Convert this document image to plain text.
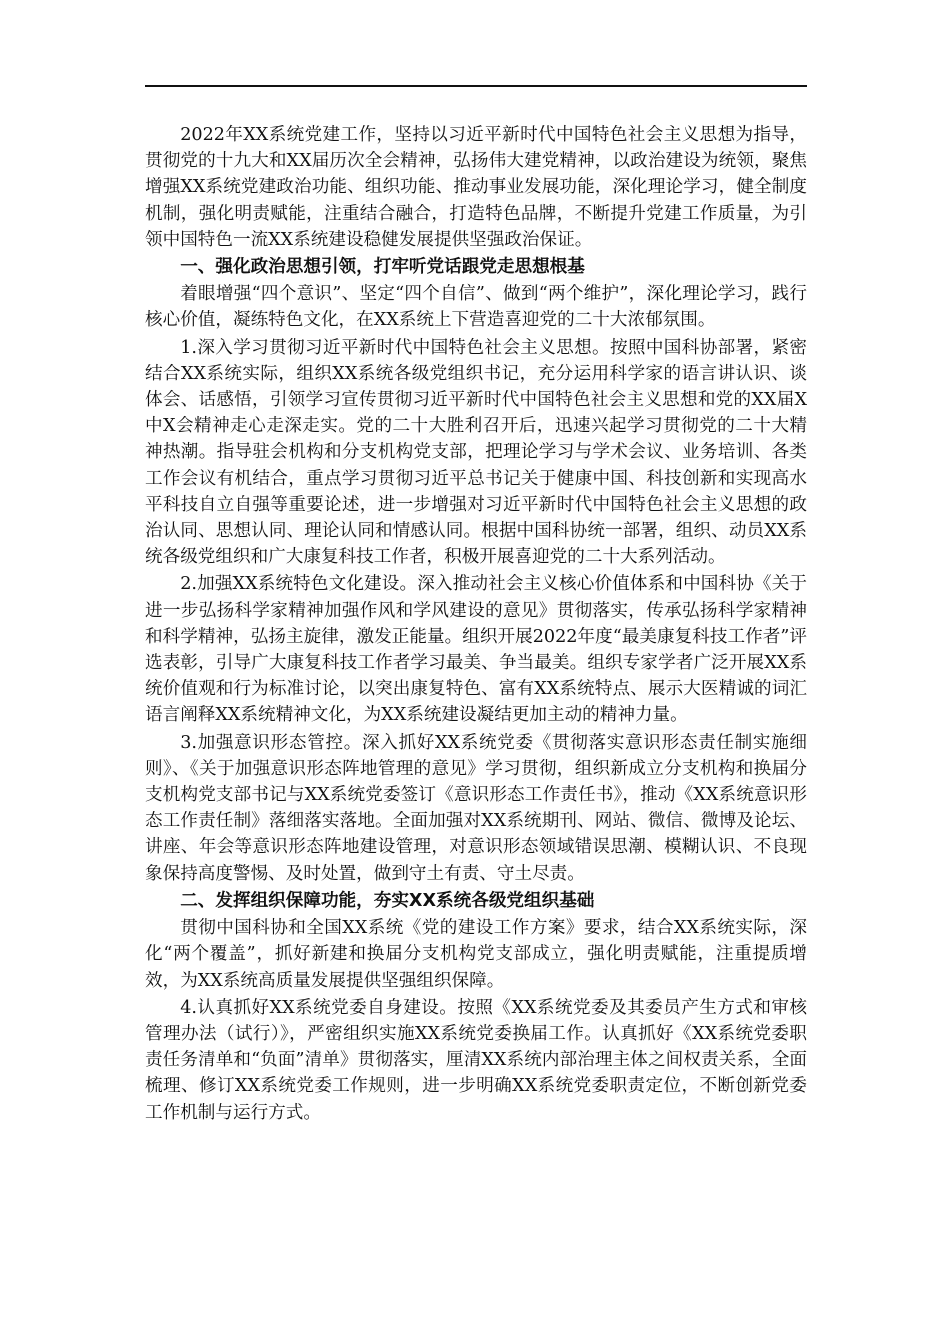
2022年XX系统党建工作，坚持以习近平新时代中国特色社会主义思想为指导，贯彻党的十九大和XX届历次全会精神，弘扬伟大建党精神，以政治建设为统领，聚焦增强XX系统党建政治功能、组织功能、推动事业发展功能，深化理论学习，健全制度机制，强化明责赋能，注重结合融合，打造特色品牌，不断提升党建工作质量，为引领中国特色一流XX系统建设稳健发展提供坚强政治保证。

一、强化政治思想引领，打牢听党话跟党走思想根基

着眼增强“四个意识”、坚定“四个自信”、做到“两个维护”，深化理论学习，践行核心价值，凝练特色文化，在XX系统上下营造喜迎党的二十大浓郁氛围。

1.深入学习贯彻习近平新时代中国特色社会主义思想。按照中国科协部署，紧密结合XX系统实际，组织XX系统各级党组织书记，充分运用科学家的语言讲认识、谈体会、话感悟，引领学习宣传贯彻习近平新时代中国特色社会主义思想和党的XX届X中X会精神走心走深走实。党的二十大胜利召开后，迅速兴起学习贯彻党的二十大精神热潮。指导驻会机构和分支机构党支部，把理论学习与学术会议、业务培训、各类工作会议有机结合，重点学习贯彻习近平总书记关于健康中国、科技创新和实现高水平科技自立自强等重要论述，进一步增强对习近平新时代中国特色社会主义思想的政治认同、思想认同、理论认同和情感认同。根据中国科协统一部署，组织、动员XX系统各级党组织和广大康复科技工作者，积极开展喜迎党的二十大系列活动。

2.加强XX系统特色文化建设。深入推动社会主义核心价值体系和中国科协《关于进一步弘扬科学家精神加强作风和学风建设的意见》贯彻落实，传承弘扬科学家精神和科学精神，弘扬主旋律，激发正能量。组织开展2022年度“最美康复科技工作者”评选表彰，引导广大康复科技工作者学习最美、争当最美。组织专家学者广泛开展XX系统价值观和行为标准讨论，以突出康复特色、富有XX系统特点、展示大医精诚的词汇语言阐释XX系统精神文化，为XX系统建设凝结更加主动的精神力量。

3.加强意识形态管控。深入抓好XX系统党委《贯彻落实意识形态责任制实施细则》、《关于加强意识形态阵地管理的意见》学习贯彻，组织新成立分支机构和换届分支机构党支部书记与XX系统党委签订《意识形态工作责任书》，推动《XX系统意识形态工作责任制》落细落实落地。全面加强对XX系统期刊、网站、微信、微博及论坛、讲座、年会等意识形态阵地建设管理，对意识形态领域错误思潮、模糊认识、不良现象保持高度警惕、及时处置，做到守土有责、守土尽责。

二、发挥组织保障功能，夯实XX系统各级党组织基础

贯彻中国科协和全国XX系统《党的建设工作方案》要求，结合XX系统实际，深化“两个覆盖”，抓好新建和换届分支机构党支部成立，强化明责赋能，注重提质增效，为XX系统高质量发展提供坚强组织保障。

4.认真抓好XX系统党委自身建设。按照《XX系统党委及其委员产生方式和审核管理办法（试行）》，严密组织实施XX系统党委换届工作。认真抓好《XX系统党委职责任务清单和“负面”清单》贯彻落实，厘清XX系统内部治理主体之间权责关系，全面梳理、修订XX系统党委工作规则，进一步明确XX系统党委职责定位，不断创新党委工作机制与运行方式。
